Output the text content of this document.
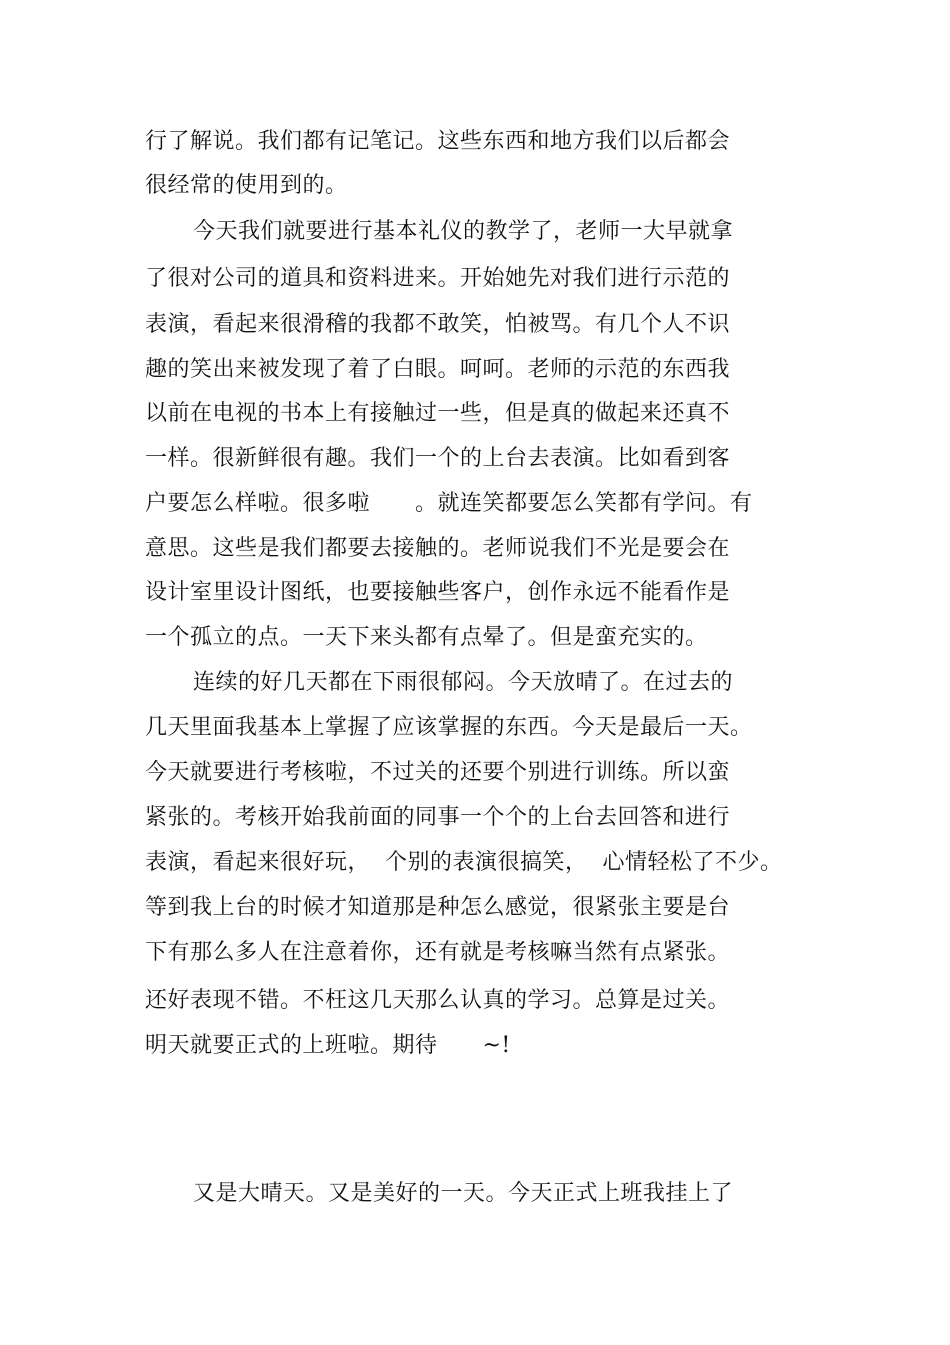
行了解说。我们都有记笔记。这些东西和地方我们以后都会
很经常的使用到的。
今天我们就要进行基本礼仪的教学了，老师一大早就拿
了很对公司的道具和资料进来。开始她先对我们进行示范的
表演，看起来很滑稽的我都不敢笑，怕被骂。有几个人不识
趣的笑出来被发现了着了白眼。呵呵。老师的示范的东西我
以前在电视的书本上有接触过一些，但是真的做起来还真不
一样。很新鲜很有趣。我们一个的上台去表演。比如看到客
户要怎么样啦。很多啦      。就连笑都要怎么笑都有学问。有
意思。这些是我们都要去接触的。老师说我们不光是要会在
设计室里设计图纸，也要接触些客户，创作永远不能看作是
一个孤立的点。一天下来头都有点晕了。但是蛮充实的。
连续的好几天都在下雨很郁闷。今天放晴了。在过去的
几天里面我基本上掌握了应该掌握的东西。今天是最后一天。
今天就要进行考核啦，不过关的还要个别进行训练。所以蛮
紧张的。考核开始我前面的同事一个个的上台去回答和进行
表演，看起来很好玩，  个别的表演很搞笑，  心情轻松了不少。
等到我上台的时候才知道那是种怎么感觉，很紧张主要是台
下有那么多人在注意着你，还有就是考核嘛当然有点紧张。
还好表现不错。不枉这几天那么认真的学习。总算是过关。
明天就要正式的上班啦。期待      ~!
又是大晴天。又是美好的一天。今天正式上班我挂上了
